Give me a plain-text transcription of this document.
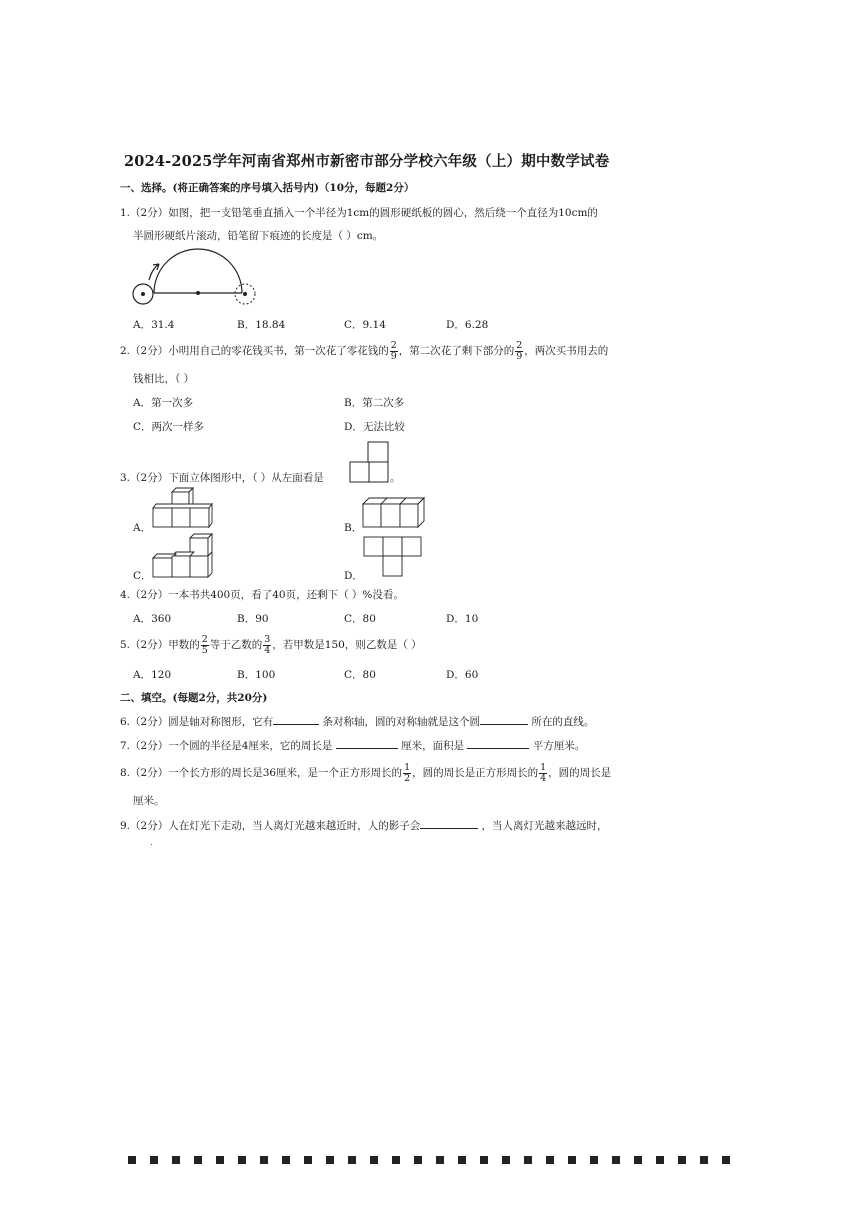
2024-2025学年河南省郑州市新密市部分学校六年级（上）期中数学试卷
一、选择。(将正确答案的序号填入括号内)（10分，每题2分）
1.（2分）如图，把一支铅笔垂直插入一个半径为1cm的圆形硬纸板的圆心，然后绕一个直径为10cm的
半圆形硬纸片滚动，铅笔留下痕迹的长度是（ ）cm。
A．31.4	B．18.84	C．9.14	D．6.28
2.（2分）小明用自己的零花钱买书，第一次花了零花钱的 $\frac{2}{9}$ ，第二次花了剩下部分的 $\frac{2}{9}$ ，两次买书用去的
钱相比，（ ）
A．第一次多	B．第二次多
C．两次一样多	D．无法比较
3.（2分）下面立体图形中，（ ）从左面看是	。
A．	B．
C．	D．
4.（2分）一本书共400页，看了40页，还剩下（ ）%没看。
A．360	B．90	C．80	D．10
5.（2分）甲数的 $\frac{2}{5}$ 等于乙数的 $\frac{3}{4}$ ，若甲数是150，则乙数是（ ）
A．120	B．100	C．80	D．60
二、填空。(每题2分，共20分)
6.（2分）圆是轴对称图形，它有	条对称轴，圆的对称轴就是这个圆	所在的直线。
7.（2分）一个圆的半径是4厘米，它的周长是	厘米，面积是	平方厘米。
8.（2分）一个长方形的周长是36厘米，是一个正方形周长的 $\frac{1}{2}$ ，圆的周长是正方形周长的 $\frac{1}{4}$ ，圆的周长是
厘米。
9.（2分）人在灯光下走动，当人离灯光越来越近时，人的影子会	，当人离灯光越来越远时，
.
